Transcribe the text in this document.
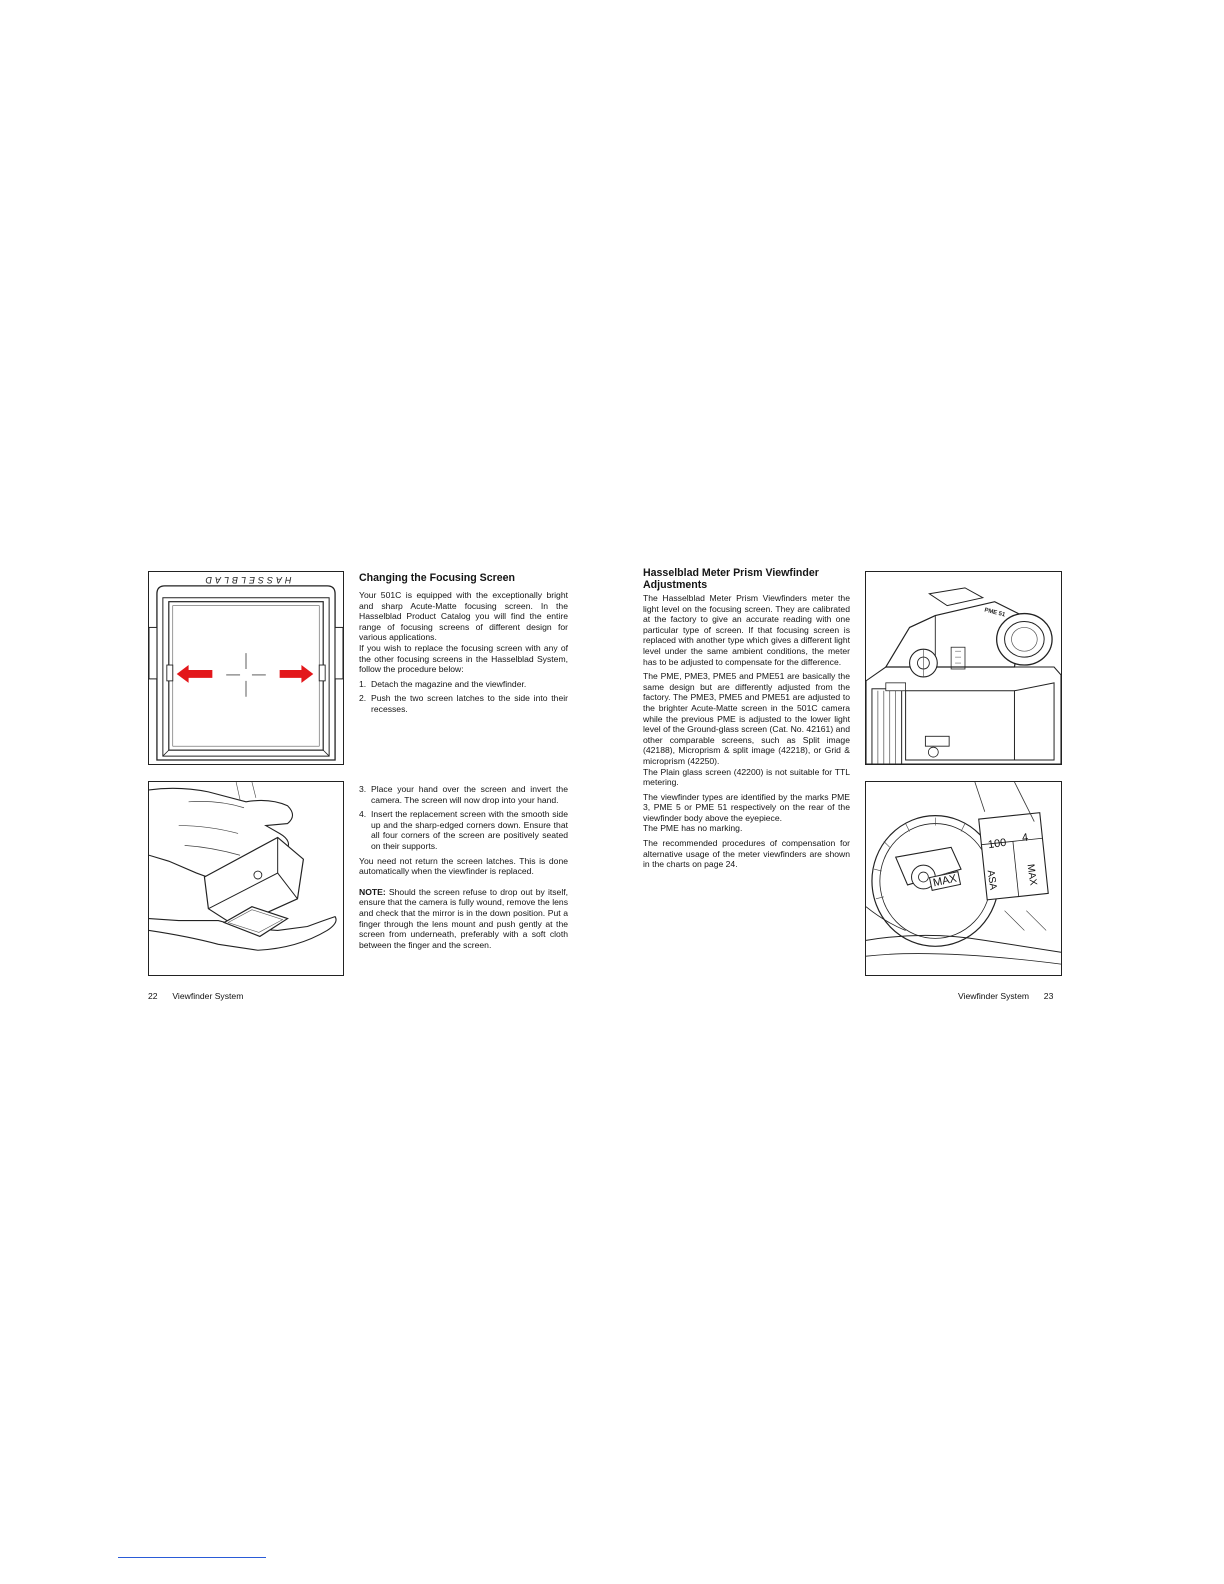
HASSELBLAD	Changing the Focusing Screen

Your 501C is equipped with the exceptionally bright and sharp Acute-Matte focusing screen. In the Hasselblad Product Catalog you will find the entire range of focusing screens of different design for various applications.

If you wish to replace the focusing screen with any of the other focusing screens in the Hasselblad System, follow the procedure below:

1. Detach the magazine and the viewfinder.
2. Push the two screen latches to the side into their recesses.
3. Place your hand over the screen and invert the camera. The screen will now drop into your hand.
4. Insert the replacement screen with the smooth side up and the sharp-edged corners down. Ensure that all four corners of the screen are positively seated on their supports.

You need not return the screen latches. This is done automatically when the viewfinder is replaced.

NOTE: Should the screen refuse to drop out by itself, ensure that the camera is fully wound, remove the lens and check that the mirror is in the down position. Put a finger through the lens mount and push gently at the screen from underneath, preferably with a soft cloth between the finger and the screen.

22 Viewfinder System
Hasselblad Meter Prism Viewfinder
Adjustments

The Hasselblad Meter Prism Viewfinders meter the light level on the focusing screen. They are calibrated at the factory to give an accurate reading with one particular type of screen. If that focusing screen is replaced with another type which gives a different light level under the same ambient conditions, the meter has to be adjusted to compensate for the difference.

The PME, PME3, PME5 and PME51 are basically the same design but are differently adjusted from the factory. The PME3, PME5 and PME51 are adjusted to the brighter Acute-Matte screen in the 501C camera while the previous PME is adjusted to the lower light level of the Ground-glass screen (Cat. No. 42161) and other comparable screens, such as Split image (42188), Microprism & split image (42218), or Grid & microprism (42250).

The Plain glass screen (42200) is not suitable for TTL metering.

The viewfinder types are identified by the marks PME 3, PME 5 or PME 51 respectively on the rear of the viewfinder body above the eyepiece.

The PME has no marking.

The recommended procedures of compensation for alternative usage of the meter viewfinders are shown in the charts on page 24.

PME 51
MAX
100 4
ASA	MAX
Viewfinder System 23
